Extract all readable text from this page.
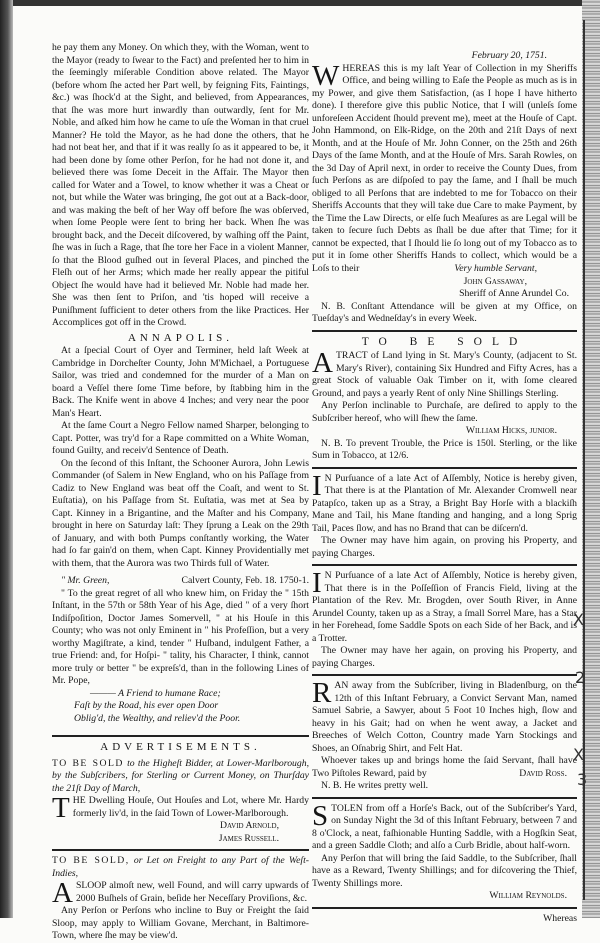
he pay them any Money. On which they, with the Woman, went to the Mayor (ready to ſwear to the Fact) and preſented her to him in the ſeemingly miſerable Condition above related. The Mayor (before whom ſhe acted her Part well, by feigning Fits, Faintings, &c.) was ſhock'd at the Sight, and believed, from Appearances, that ſhe was more hurt inwardly than outwardly, ſent for Mr. Noble, and aſked him how he came to uſe the Woman in that cruel Manner? He told the Mayor, as he had done the others, that he had not beat her, and that if it was really ſo as it appeared to be, it had been done by ſome other Perſon, for he had not done it, and believed there was ſome Deceit in the Affair. The Mayor then called for Water and a Towel, to know whether it was a Cheat or not, but while the Water was bringing, ſhe got out at a Back-door, and was making the beſt of her Way off before ſhe was obſerved, when ſome People were ſent to bring her back. When ſhe was brought back, and the Deceit diſcovered, by waſhing off the Paint, ſhe was in ſuch a Rage, that ſhe tore her Face in a violent Manner, ſo that the Blood guſhed out in ſeveral Places, and pinched the Fleſh out of her Arms; which made her really appear the pitiful Object ſhe would have had it believed Mr. Noble had made her. She was then ſent to Priſon, and 'tis hoped will receive a Puniſhment ſufficient to deter others from the like Practices. Her Accomplices got off in the Crowd.

ANNAPOLIS.

At a ſpecial Court of Oyer and Terminer, held laſt Week at Cambridge in Dorcheſter County, John M'Michael, a Portuguese Sailor, was tried and condemned for the murder of a Man on board a Veſſel there ſome Time before, by ſtabbing him in the Back. The Knife went in above 4 Inches; and very near the poor Man's Heart.

At the ſame Court a Negro Fellow named Sharper, belonging to Capt. Potter, was try'd for a Rape committed on a White Woman, found Guilty, and receiv'd Sentence of Death.

On the ſecond of this Inſtant, the Schooner Aurora, John Lewis Commander (of Salem in New England, who on his Paſſage from Cadiz to New England was beat off the Coaſt, and went to St. Euſtatia), on his Paſſage from St. Euſtatia, was met at Sea by Capt. Kinney in a Brigantine, and the Maſter and his Company, brought in here on Saturday laſt: They ſprung a Leak on the 29th of January, and with both Pumps conſtantly working, the Water had ſo far gain'd on them, when Capt. Kinney Providentially met with them, that the Aurora was two Thirds full of Water.

" Mr. Green,	Calvert County, Feb. 18. 1750-1.

" To the great regret of all who knew him, on Friday the " 15th Inſtant, in the 57th or 58th Year of his Age, died " of a very ſhort Indiſpoſition, Doctor James Somervell, " at his Houſe in this County; who was not only Eminent in " his Profeſſion, but a very worthy Magiſtrate, a kind, tender " Huſband, indulgent Father, a true Friend: and, for Hoſpi- " tality, his Character, I think, cannot more truly or better " be expreſs'd, than in the following Lines of Mr. Pope,

——— A Friend to humane Race;

Faſt by the Road, his ever open Door

Oblig'd, the Wealthy, and reliev'd the Poor.

ADVERTISEMENTS.

TO BE SOLD to the Higheſt Bidder, at Lower-Marlborough, by the Subſcribers, for Sterling or Current Money, on Thurſday the 21ſt Day of March,

THE Dwelling Houſe, Out Houſes and Lot, where Mr. Hardy formerly liv'd, in the ſaid Town of Lower-Marlborough.

David Arnold,

James Russell.

TO BE SOLD, or Let on Freight to any Part of the Weſt-Indies,

A SLOOP almoſt new, well Found, and will carry upwards of 2000 Buſhels of Grain, beſide her Neceſſary Proviſions, &c.

Any Perſon or Perſons who incline to Buy or Freight the ſaid Sloop, may apply to William Govane, Merchant, in Baltimore-Town, where ſhe may be view'd.

February 20, 1751.

WHEREAS this is my laſt Year of Collection in my Sheriffs Office, and being willing to Eaſe the People as much as is in my Power, and give them Satisfaction, (as I hope I have hitherto done). I therefore give this public Notice, that I will (unleſs ſome unforeſeen Accident ſhould prevent me), meet at the Houſe of Capt. John Hammond, on Elk-Ridge, on the 20th and 21ſt Days of next Month, and at the Houſe of Mr. John Conner, on the 25th and 26th Days of the ſame Month, and at the Houſe of Mrs. Sarah Rowles, on the 3d Day of April next, in order to receive the County Dues, from ſuch Perſons as are diſpoſed to pay the ſame, and I ſhall be much obliged to all Perſons that are indebted to me for Tobacco on their Sheriffs Accounts that they will take due Care to make Payment, by the Time the Law Directs, or elſe ſuch Meaſures as are Legal will be taken to ſecure ſuch Debts as ſhall be due after that Time; for it cannot be expected, that I ſhould lie ſo long out of my Tobacco as to put it in ſome other Sheriffs Hands to collect, which would be a Loſs to their	Very humble Servant,

John Gassaway,

Sheriff of Anne Arundel Co.

N. B. Conſtant Attendance will be given at my Office, on Tueſday's and Wedneſday's in every Week.

TO BE SOLD

A TRACT of Land lying in St. Mary's County, (adjacent to St. Mary's River), containing Six Hundred and Fifty Acres, has a great Stock of valuable Oak Timber on it, with ſome cleared Ground, and pays a yearly Rent of only Nine Shillings Sterling.

Any Perſon inclinable to Purchaſe, are deſired to apply to the Subſcriber hereof, who will ſhew the ſame.

William Hicks, junior.

N. B. To prevent Trouble, the Price is 150l. Sterling, or the like Sum in Tobacco, at 12/6.

I N Purſuance of a late Act of Aſſembly, Notice is hereby given, That there is at the Plantation of Mr. Alexander Cromwell near Patapſco, taken up as a Stray, a Bright Bay Horſe with a blackiſh Mane and Tail, his Mane ſtanding and hanging, and a long Sprig Tail, Paces ſlow, and has no Brand that can be diſcern'd.

The Owner may have him again, on proving his Property, and paying Charges.

I N Purſuance of a late Act of Aſſembly, Notice is hereby given, That there is in the Poſſeſſion of Francis Field, living at the Plantation of the Rev. Mr. Brogden, over South River, in Anne Arundel County, taken up as a Stray, a ſmall Sorrel Mare, has a Star in her Forehead, ſome Saddle Spots on each Side of her Back, and is a Trotter.

The Owner may have her again, on proving his Property, and paying Charges.

RAN away from the Subſcriber, living in Bladenſburg, on the 12th of this Inſtant February, a Convict Servant Man, named Samuel Sabrie, a Sawyer, about 5 Foot 10 Inches high, ſlow and heavy in his Gait; had on when he went away, a Jacket and Breeches of Welch Cotton, Country made Yarn Stockings and Shoes, an Oſnabrig Shirt, and Felt Hat.

Whoever takes up and brings home the ſaid Servant, ſhall have Two Piſtoles Reward, paid by	David Ross.

N. B. He writes pretty well.

STOLEN from off a Horſe's Back, out of the Subſcriber's Yard, on Sunday Night the 3d of this Inſtant February, between 7 and 8 o'Clock, a neat, faſhionable Hunting Saddle, with a Hogſkin Seat, and a green Saddle Cloth; and alſo a Curb Bridle, about half-worn.

Any Perſon that will bring the ſaid Saddle, to the Subſcriber, ſhall have as a Reward, Twenty Shillings; and for diſcovering the Thief, Twenty Shillings more.

William Reynolds.

Whereas

X
2
X
3
